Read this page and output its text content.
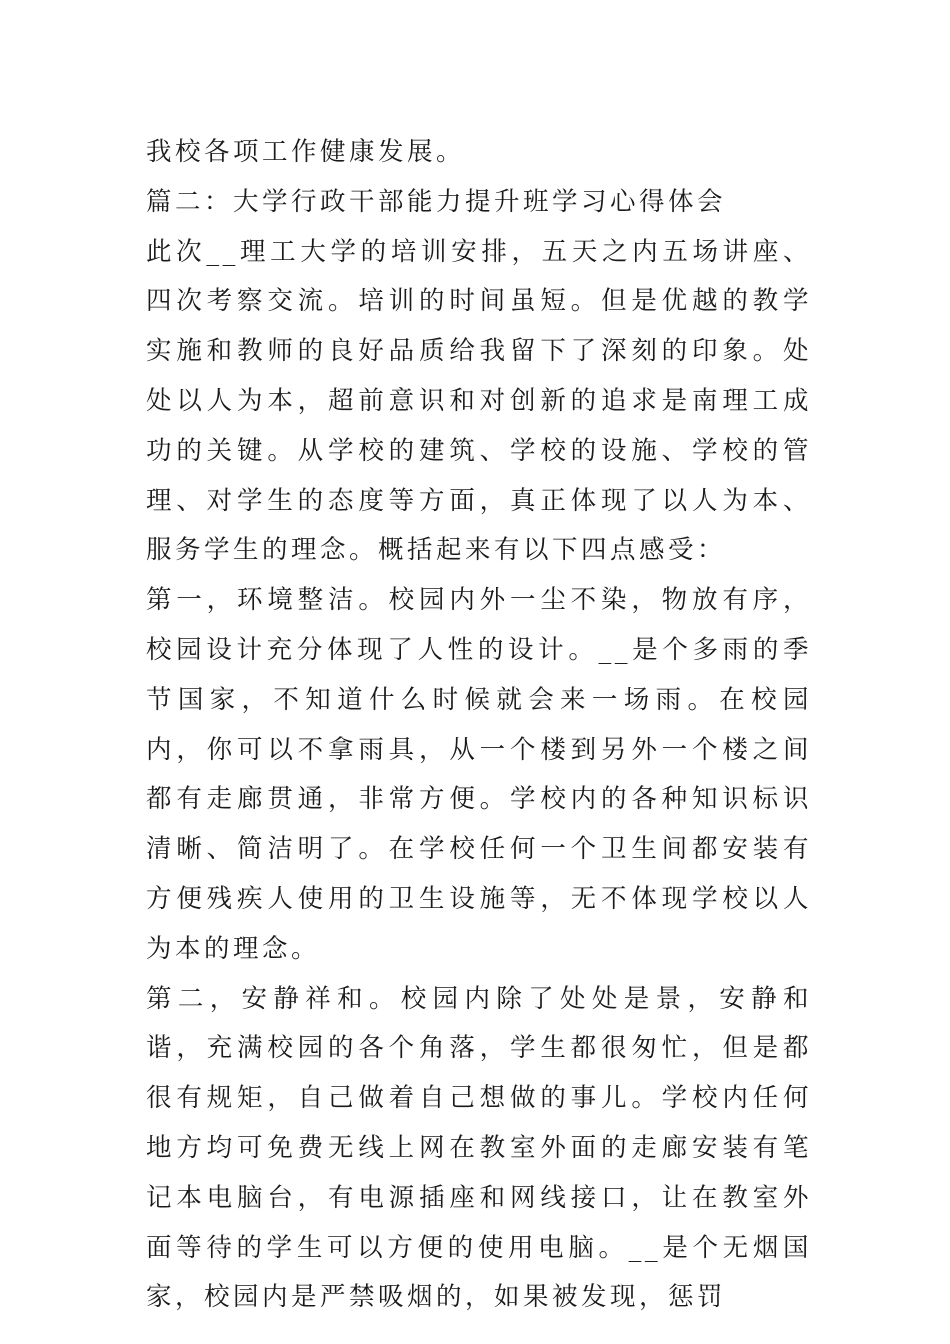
我校各项工作健康发展。

篇二：大学行政干部能力提升班学习心得体会

此次__理工大学的培训安排，五天之内五场讲座、四次考察交流。培训的时间虽短。但是优越的教学实施和教师的良好品质给我留下了深刻的印象。处处以人为本，超前意识和对创新的追求是南理工成功的关键。从学校的建筑、学校的设施、学校的管理、对学生的态度等方面，真正体现了以人为本、服务学生的理念。概括起来有以下四点感受：

第一，环境整洁。校园内外一尘不染，物放有序，校园设计充分体现了人性的设计。__是个多雨的季节国家，不知道什么时候就会来一场雨。在校园内，你可以不拿雨具，从一个楼到另外一个楼之间都有走廊贯通，非常方便。学校内的各种知识标识清晰、简洁明了。在学校任何一个卫生间都安装有方便残疾人使用的卫生设施等，无不体现学校以人为本的理念。

第二，安静祥和。校园内除了处处是景，安静和谐，充满校园的各个角落，学生都很匆忙，但是都很有规矩，自己做着自己想做的事儿。学校内任何地方均可免费无线上网在教室外面的走廊安装有笔记本电脑台，有电源插座和网线接口，让在教室外面等待的学生可以方便的使用电脑。__是个无烟国家，校园内是严禁吸烟的，如果被发现，惩罚
